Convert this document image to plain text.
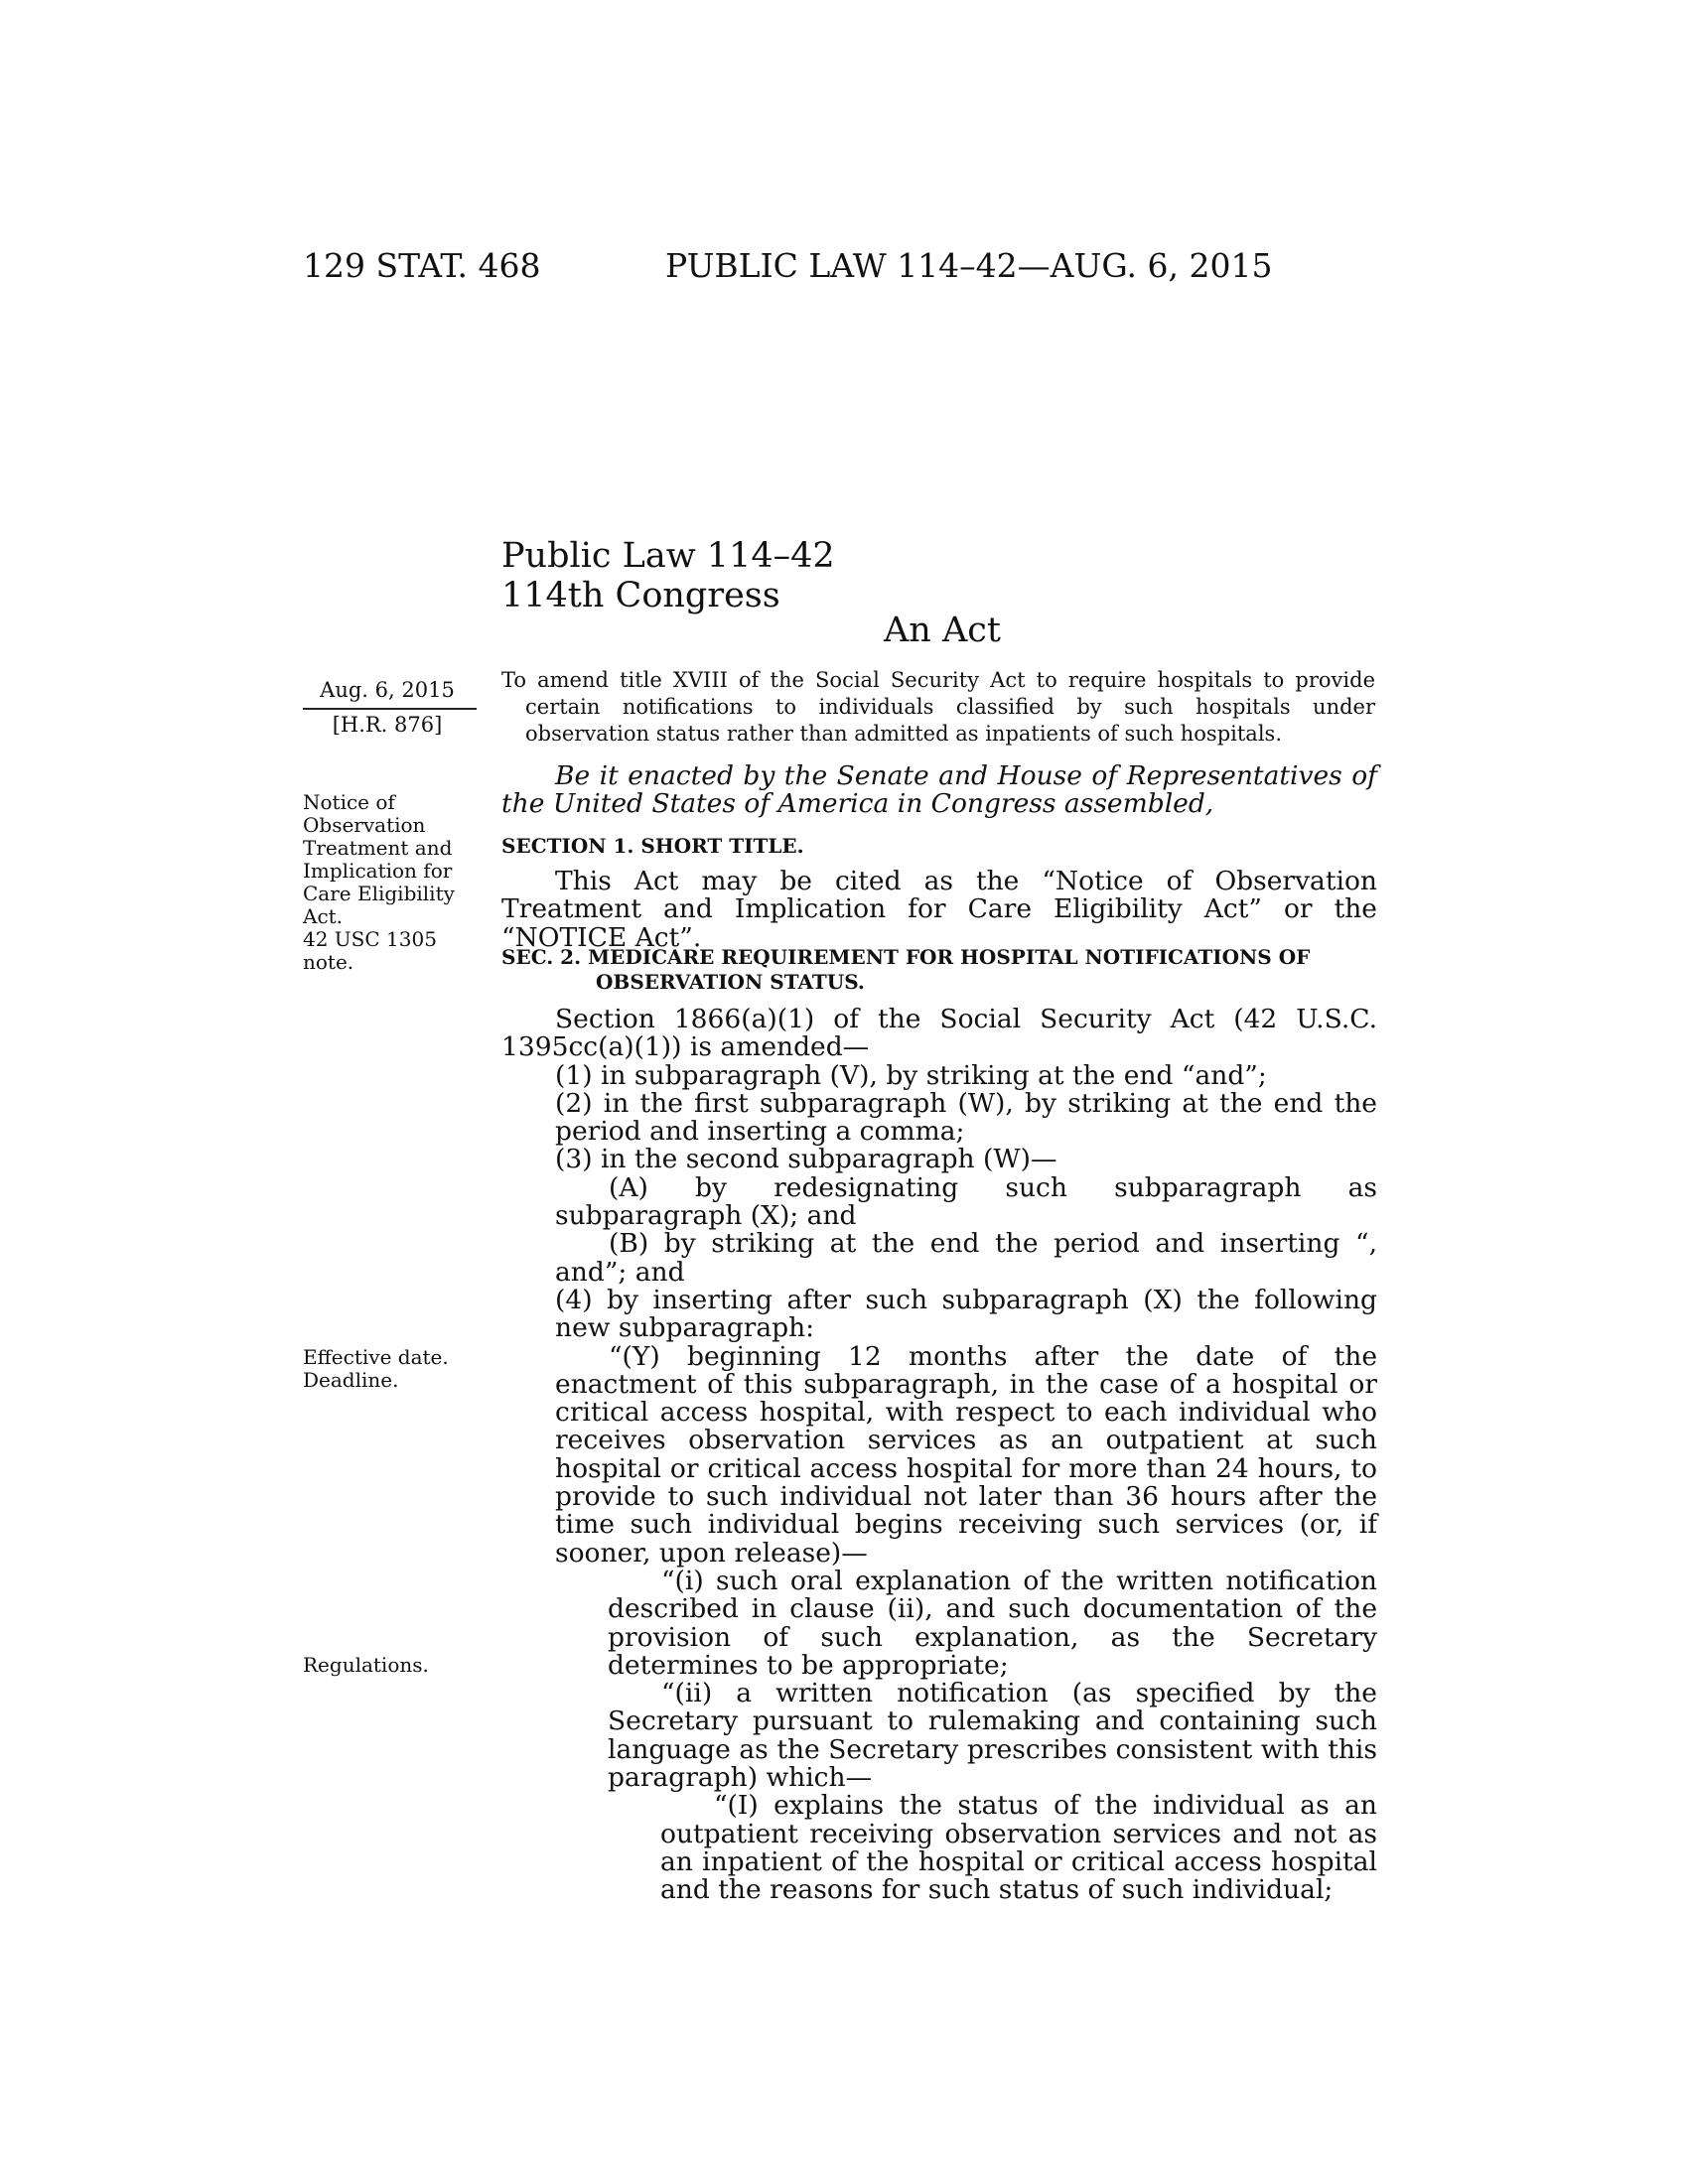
129 STAT. 468	PUBLIC LAW 114–42—AUG. 6, 2015
Public Law 114–42
114th Congress
An Act
Aug. 6, 2015
[H.R. 876]
To amend title XVIII of the Social Security Act to require hospitals to provide certain notifications to individuals classified by such hospitals under observation status rather than admitted as inpatients of such hospitals.
Be it enacted by the Senate and House of Representatives of the United States of America in Congress assembled,
Notice of Observation Treatment and Implication for Care Eligibility Act.
42 USC 1305 note.
Effective date.
Deadline.
Regulations.
SECTION 1. SHORT TITLE.

This Act may be cited as the “Notice of Observation Treatment and Implication for Care Eligibility Act” or the “NOTICE Act”.

SEC. 2. MEDICARE REQUIREMENT FOR HOSPITAL NOTIFICATIONS OF
OBSERVATION STATUS.

Section 1866(a)(1) of the Social Security Act (42 U.S.C. 1395cc(a)(1)) is amended—

(1) in subparagraph (V), by striking at the end “and”;

(2) in the first subparagraph (W), by striking at the end the period and inserting a comma;

(3) in the second subparagraph (W)—

(A) by redesignating such subparagraph as subparagraph (X); and

(B) by striking at the end the period and inserting “, and”; and

(4) by inserting after such subparagraph (X) the following new subparagraph:

“(Y) beginning 12 months after the date of the enactment of this subparagraph, in the case of a hospital or critical access hospital, with respect to each individual who receives observation services as an outpatient at such hospital or critical access hospital for more than 24 hours, to provide to such individual not later than 36 hours after the time such individual begins receiving such services (or, if sooner, upon release)—

“(i) such oral explanation of the written notification described in clause (ii), and such documentation of the provision of such explanation, as the Secretary determines to be appropriate;

“(ii) a written notification (as specified by the Secretary pursuant to rulemaking and containing such language as the Secretary prescribes consistent with this paragraph) which—

“(I) explains the status of the individual as an outpatient receiving observation services and not as an inpatient of the hospital or critical access hospital and the reasons for such status of such individual;
